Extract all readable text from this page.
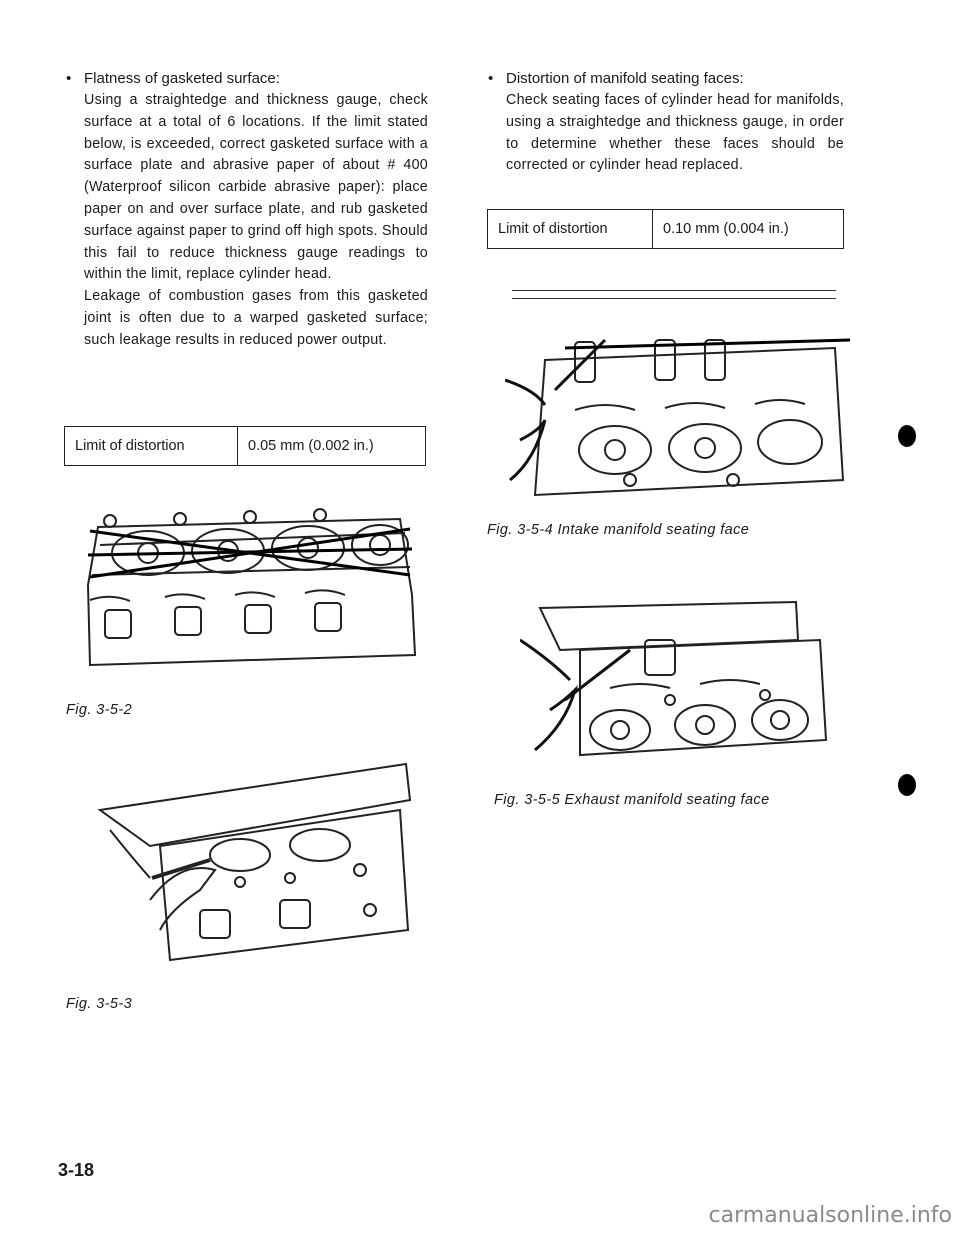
• Flatness of gasketed surface:

Using a straightedge and thickness gauge, check surface at a total of 6 locations. If the limit stated below, is exceeded, correct gasketed surface with a surface plate and abrasive paper of about # 400 (Waterproof silicon carbide abrasive paper): place paper on and over surface plate, and rub gasketed surface against paper to grind off high spots. Should this fail to reduce thickness gauge readings to within the limit, replace cylinder head.

Leakage of combustion gases from this gasketed joint is often due to a warped gasketed surface; such leakage results in reduced power output.

Limit of distortion	0.05 mm (0.002 in.)
Fig. 3-5-2
Fig. 3-5-3

• Distortion of manifold seating faces:

Check seating faces of cylinder head for manifolds, using a straightedge and thickness gauge, in order to determine whether these faces should be corrected or cylinder head replaced.

Limit of distortion	0.10 mm (0.004 in.)
Fig. 3-5-4 Intake manifold seating face
Fig. 3-5-5 Exhaust manifold seating face
3-18
carmanualsonline.info
